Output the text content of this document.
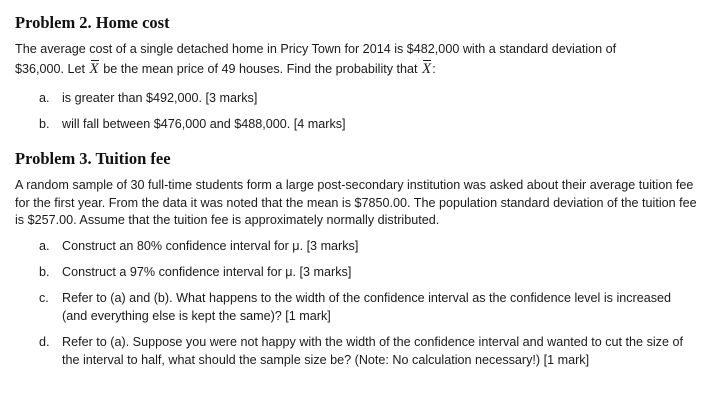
Problem 2. Home cost
The average cost of a single detached home in Pricy Town for 2014 is $482,000 with a standard deviation of
$36,000. Let X be the mean price of 49 houses. Find the probability that X:
a. is greater than $492,000. [3 marks]
b. will fall between $476,000 and $488,000. [4 marks]
Problem 3. Tuition fee
A random sample of 30 full-time students form a large post-secondary institution was asked about their average tuition fee for the first year. From the data it was noted that the mean is $7850.00. The population standard deviation of the tuition fee is $257.00. Assume that the tuition fee is approximately normally distributed.
a. Construct an 80% confidence interval for μ. [3 marks]
b. Construct a 97% confidence interval for μ. [3 marks]
c. Refer to (a) and (b). What happens to the width of the confidence interval as the confidence level is increased (and everything else is kept the same)? [1 mark]
d. Refer to (a). Suppose you were not happy with the width of the confidence interval and wanted to cut the size of the interval to half, what should the sample size be? (Note: No calculation necessary!) [1 mark]
